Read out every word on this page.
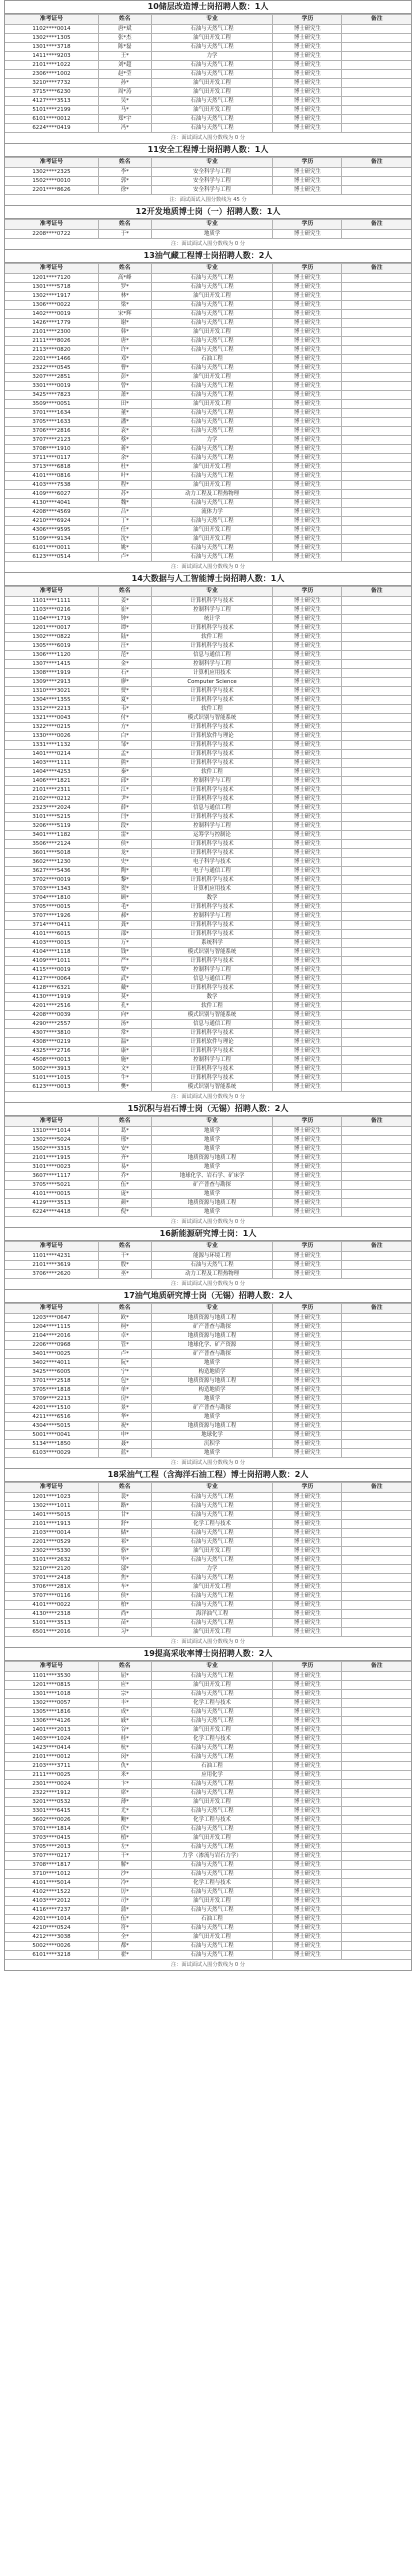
10储层改造博士岗招聘人数：1人
准考证号	姓名	专业	学历	备注
1102****0014	唐*斌	石油与天然气工程	博士研究生	
1302****1305	张*杰	油气田开发工程	博士研究生	
1301****3718	陈*磊	石油与天然气工程	博士研究生	
1411****9203	王*	力学	博士研究生	
2101****1022	刘*超	石油与天然气工程	博士研究生	
2306****1002	赵*莹	石油与天然气工程	博士研究生	
3210****7732	孙*	油气田开发工程	博士研究生	
3715****6230	周*涛	油气田开发工程	博士研究生	
4127****3513	吴*	石油与天然气工程	博士研究生	
5101****2199	马*	油气田开发工程	博士研究生	
6101****0012	郑*宇	石油与天然气工程	博士研究生	
6224****0419	冯*	石油与天然气工程	博士研究生	
注：面试面试入围分数线为 0 分
11安全工程博士岗招聘人数：1人
准考证号	姓名	专业	学历	备注
1302****2325	李*	安全科学与工程	博士研究生	
1502****0010	郭*	安全科学与工程	博士研究生	
2201****8626	徐*	安全科学与工程	博士研究生	
注：面试面试入围分数线为 45 分
12开发地质博士岗（一）招聘人数：1人
准考证号	姓名	专业	学历	备注
2208****0722	于*	地质学	博士研究生	
注：面试面试入围分数线为 0 分
13油气藏工程博士岗招聘人数：2人
准考证号	姓名	专业	学历	备注
1201****7120	高*峰	石油与天然气工程	博士研究生	
1301****5718	罗*	石油与天然气工程	博士研究生	
1302****1917	林*	油气田开发工程	博士研究生	
1306****0022	梁*	石油与天然气工程	博士研究生	
1402****0019	宋*辉	石油与天然气工程	博士研究生	
1426****1779	谢*	石油与天然气工程	博士研究生	
2101****2300	韩*	油气田开发工程	博士研究生	
2111****8026	唐*	石油与天然气工程	博士研究生	
2113****0820	许*	石油与天然气工程	博士研究生	
2201****1466	邓*	石油工程	博士研究生	
2322****0545	曹*	石油与天然气工程	博士研究生	
3207****2851	彭*	油气田开发工程	博士研究生	
3301****0019	曾*	石油与天然气工程	博士研究生	
3425****7823	萧*	石油与天然气工程	博士研究生	
3509****0051	田*	油气田开发工程	博士研究生	
3701****1634	董*	石油与天然气工程	博士研究生	
3705****1633	潘*	石油与天然气工程	博士研究生	
3706****2816	袁*	石油与天然气工程	博士研究生	
3707****2123	蔡*	力学	博士研究生	
3708****1910	蒋*	石油与天然气工程	博士研究生	
3711****0117	余*	石油与天然气工程	博士研究生	
3713****6818	杜*	油气田开发工程	博士研究生	
4101****0816	叶*	石油与天然气工程	博士研究生	
4103****7538	程*	油气田开发工程	博士研究生	
4109****6027	苏*	动力工程及工程热物理	博士研究生	
4130****4041	魏*	石油与天然气工程	博士研究生	
4208****4569	吕*	流体力学	博士研究生	
4210****6924	丁*	石油与天然气工程	博士研究生	
4306****9595	任*	油气田开发工程	博士研究生	
5109****9134	沈*	油气田开发工程	博士研究生	
6101****0011	姚*	石油与天然气工程	博士研究生	
6123****0514	卢*	石油与天然气工程	博士研究生	
注：面试面试入围分数线为 0 分
14大数据与人工智能博士岗招聘人数：1人
准考证号	姓名	专业	学历	备注
1101****1111	姜*	计算机科学与技术	博士研究生	
1103****0216	崔*	控制科学与工程	博士研究生	
1104****1719	钟*	统计学	博士研究生	
1201****0017	谭*	计算机科学与技术	博士研究生	
1302****0822	陆*	软件工程	博士研究生	
1305****6019	汪*	计算机科学与技术	博士研究生	
1306****1120	范*	信息与通信工程	博士研究生	
1307****1415	金*	控制科学与工程	博士研究生	
1308****1919	石*	计算机应用技术	博士研究生	
1309****2913	廖*	Computer Science	博士研究生	
1310****3021	贾*	计算机科学与技术	博士研究生	
1304****1355	夏*	计算机科学与技术	博士研究生	
1312****2213	韦*	软件工程	博士研究生	
1321****0043	付*	模式识别与智能系统	博士研究生	
1322****0215	方*	计算机科学与技术	博士研究生	
1330****0026	白*	计算机软件与理论	博士研究生	
1331****1132	邹*	计算机科学与技术	博士研究生	
1401****0214	孟*	计算机科学与技术	博士研究生	
1403****1111	熊*	计算机科学与技术	博士研究生	
1404****4253	秦*	软件工程	博士研究生	
1406****1821	邱*	控制科学与工程	博士研究生	
2101****2311	江*	计算机科学与技术	博士研究生	
2102****0212	尹*	计算机科学与技术	博士研究生	
2323****2024	薛*	信息与通信工程	博士研究生	
3101****5215	闫*	计算机科学与技术	博士研究生	
3206****5119	段*	控制科学与工程	博士研究生	
3401****1182	雷*	运筹学与控制论	博士研究生	
3506****2124	侯*	计算机科学与技术	博士研究生	
3601****5018	龙*	计算机科学与技术	博士研究生	
3602****1230	史*	电子科学与技术	博士研究生	
3627****5436	陶*	电子与通信工程	博士研究生	
3702****0019	黎*	计算机科学与技术	博士研究生	
3703****1343	贺*	计算机应用技术	博士研究生	
3704****1810	顾*	数学	博士研究生	
3705****0015	毛*	计算机科学与技术	博士研究生	
3707****1926	郝*	控制科学与工程	博士研究生	
3714****0411	龚*	计算机科学与技术	博士研究生	
4101****6015	邵*	计算机科学与技术	博士研究生	
4103****0015	万*	系统科学	博士研究生	
4104****1118	钱*	模式识别与智能系统	博士研究生	
4109****1011	严*	计算机科学与技术	博士研究生	
4115****0019	覃*	控制科学与工程	博士研究生	
4127****0064	武*	信息与通信工程	博士研究生	
4128****6321	戴*	计算机科学与技术	博士研究生	
4130****1919	莫*	数学	博士研究生	
4201****2516	孔*	软件工程	博士研究生	
4208****0039	向*	模式识别与智能系统	博士研究生	
4290****2557	汤*	信息与通信工程	博士研究生	
4307****3810	常*	计算机科学与技术	博士研究生	
4308****0219	温*	计算机软件与理论	博士研究生	
4325****2716	康*	计算机科学与技术	博士研究生	
4508****0013	施*	控制科学与工程	博士研究生	
5002****3913	文*	计算机科学与技术	博士研究生	
5101****1015	牛*	计算机科学与技术	博士研究生	
6123****0013	樊*	模式识别与智能系统	博士研究生	
注：面试面试入围分数线为 0 分
15沉积与岩石博士岗（无锡）招聘人数：2人
准考证号	姓名	专业	学历	备注
1310****1014	葛*	地质学	博士研究生	
1302****5024	邢*	地质学	博士研究生	
1502****3315	安*	地质学	博士研究生	
2101****1915	齐*	地质资源与地质工程	博士研究生	
3101****0023	易*	地质学	博士研究生	
3607****1117	乔*	地球化学、岩石学、矿床学	博士研究生	
3705****5021	伍*	矿产普查与勘探	博士研究生	
4101****0015	庞*	地质学	博士研究生	
4129****3513	颜*	地质资源与地质工程	博士研究生	
6224****4418	倪*	地质学	博士研究生	
注：面试面试入围分数线为 0 分
16新能源研究博士岗：1人
准考证号	姓名	专业	学历	备注
1101****4231	干*	能源与环境工程	博士研究生	
2101****3619	殷*	石油与天然气工程	博士研究生	
3706****2620	巫*	动力工程及工程热物理	博士研究生	
注：面试面试入围分数线为 0 分
17油气地质研究博士岗（无锡）招聘人数：2人
准考证号	姓名	专业	学历	备注
1203****0647	欧*	地质资源与地质工程	博士研究生	
1204****1115	柯*	矿产普查与勘探	博士研究生	
2104****2016	卓*	地质资源与地质工程	博士研究生	
2206****0968	管*	地球化学、矿产资源	博士研究生	
3401****0025	卢*	矿产普查与勘探	博士研究生	
3402****4011	阮*	地质学	博士研究生	
3425****6005	宁*	构造地质学	博士研究生	
3701****2518	包*	地质资源与地质工程	博士研究生	
3705****1818	单*	构造地质学	博士研究生	
3709****2213	房*	地质学	博士研究生	
4201****1510	景*	矿产普查与勘探	博士研究生	
4211****6516	华*	地质学	博士研究生	
4304****5015	祝*	地质资源与地质工程	博士研究生	
5001****0041	申*	地球化学	博士研究生	
5134****1850	聂*	沉积学	博士研究生	
6103****0029	蓝*	地质学	博士研究生	
注：面试面试入围分数线为 0 分
18采油气工程（含海洋石油工程）博士岗招聘人数：2人
准考证号	姓名	专业	学历	备注
1201****1023	裴*	石油与天然气工程	博士研究生	
1302****1011	路*	石油与天然气工程	博士研究生	
1401****5015	甘*	石油与天然气工程	博士研究生	
2101****1913	舒*	化学工程与技术	博士研究生	
2103****0014	储*	石油与天然气工程	博士研究生	
2201****0529	祁*	石油与天然气工程	博士研究生	
2302****5330	骆*	油气田开发工程	博士研究生	
3101****2632	毕*	石油与天然气工程	博士研究生	
3210****2120	邬*	力学	博士研究生	
3701****2418	焦*	石油与天然气工程	博士研究生	
3706****281X	车*	油气田开发工程	博士研究生	
3707****0116	侯*	石油与天然气工程	博士研究生	
4101****0022	柏*	石油与天然气工程	博士研究生	
4130****2318	尚*	海洋油气工程	博士研究生	
5101****3513	苗*	石油与天然气工程	博士研究生	
6501****2016	习*	油气田开发工程	博士研究生	
注：面试面试入围分数线为 0 分
19提高采收率博士岗招聘人数：2人
准考证号	姓名	专业	学历	备注
1101****3530	屈*	石油与天然气工程	博士研究生	
1201****0815	应*	油气田开发工程	博士研究生	
1301****1018	宗*	石油与天然气工程	博士研究生	
1302****0057	丰*	化学工程与技术	博士研究生	
1305****1816	成*	石油与天然气工程	博士研究生	
1306****4126	戚*	石油与天然气工程	博士研究生	
1401****2013	谷*	油气田开发工程	博士研究生	
1403****1024	桂*	化学工程与技术	博士研究生	
1423****0414	杭*	石油与天然气工程	博士研究生	
2101****0012	闵*	石油与天然气工程	博士研究生	
2103****3711	仇*	石油工程	博士研究生	
2111****0025	米*	应用化学	博士研究生	
2301****0024	卞*	石油与天然气工程	博士研究生	
2322****1912	席*	石油与天然气工程	博士研究生	
3201****0532	薄*	油气田开发工程	博士研究生	
3301****6415	尤*	石油与天然气工程	博士研究生	
3602****0026	鲍*	化学工程与技术	博士研究生	
3701****1814	伏*	石油与天然气工程	博士研究生	
3703****0415	植*	油气田开发工程	博士研究生	
3705****2013	左*	石油与天然气工程	博士研究生	
3707****0217	干*	力学（渗流与岩石力学）	博士研究生	
3708****1817	解*	石油与天然气工程	博士研究生	
3710****1012	沙*	石油与天然气工程	博士研究生	
4101****5014	冷*	化学工程与技术	博士研究生	
4102****1522	厉*	石油与天然气工程	博士研究生	
4103****2012	司*	油气田开发工程	博士研究生	
4116****7237	蒲*	石油与天然气工程	博士研究生	
4201****1014	伍*	石油工程	博士研究生	
4210****0524	符*	石油与天然气工程	博士研究生	
4212****3038	全*	油气田开发工程	博士研究生	
5002****0026	都*	石油与天然气工程	博士研究生	
6101****3218	翟*	石油与天然气工程	博士研究生	
注：面试面试入围分数线为 0 分
